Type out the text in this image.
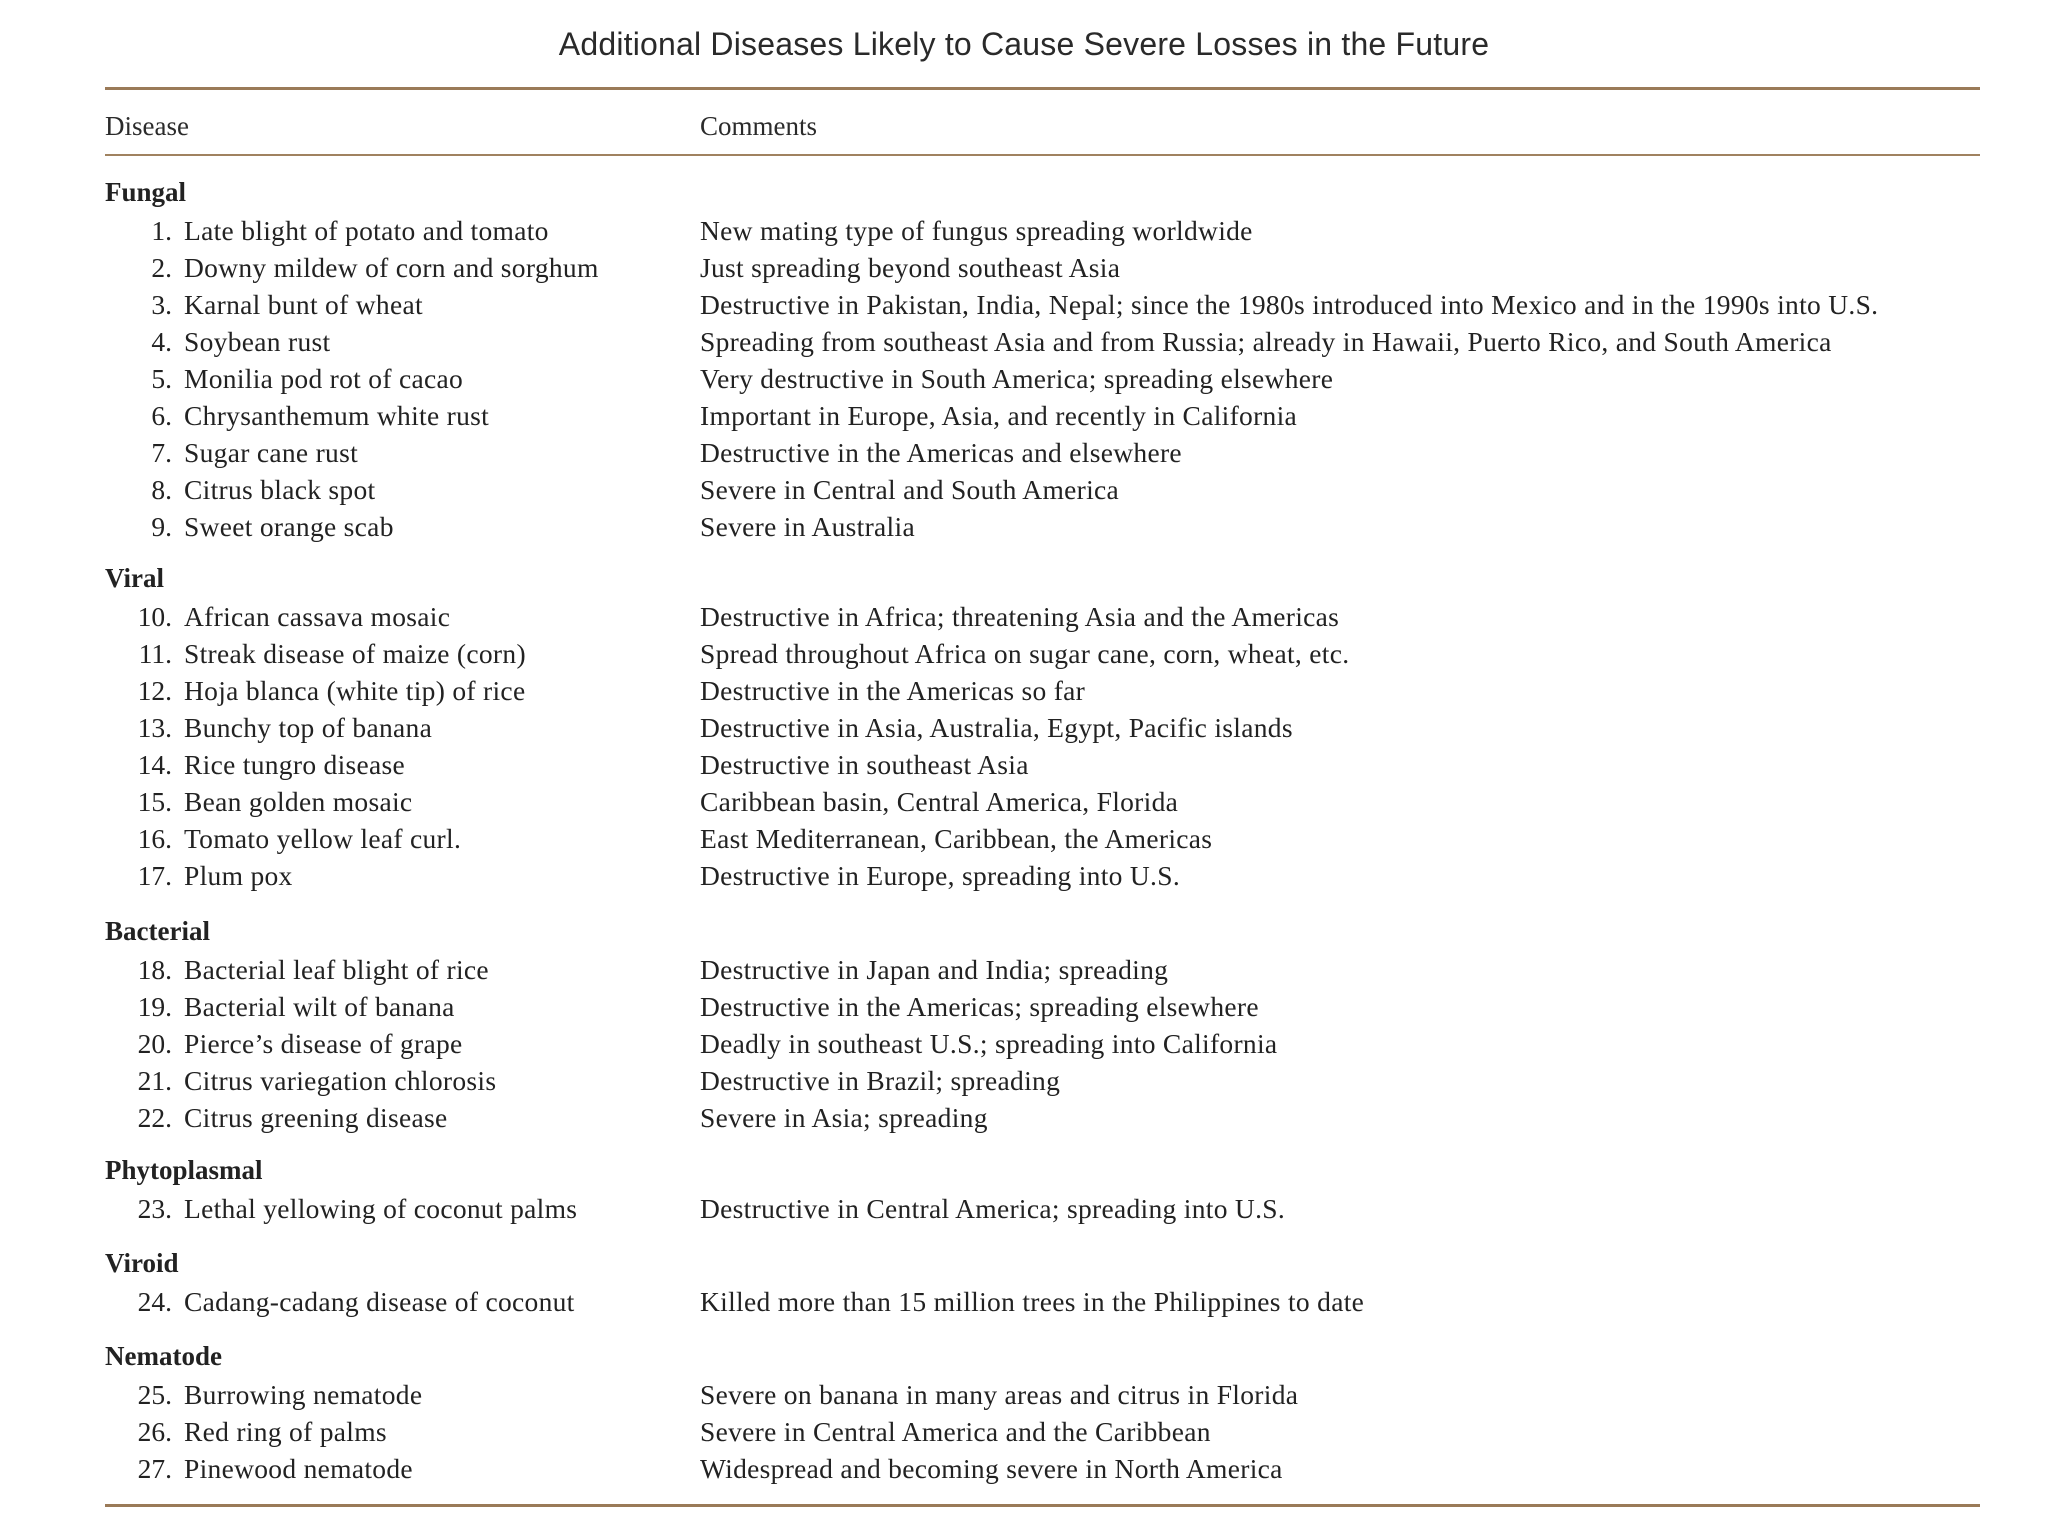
Additional Diseases Likely to Cause Severe Losses in the Future
Disease	Comments
Fungal
1. Late blight of potato and tomato	New mating type of fungus spreading worldwide
2. Downy mildew of corn and sorghum	Just spreading beyond southeast Asia
3. Karnal bunt of wheat	Destructive in Pakistan, India, Nepal; since the 1980s introduced into Mexico and in the 1990s into U.S.
4. Soybean rust	Spreading from southeast Asia and from Russia; already in Hawaii, Puerto Rico, and South America
5. Monilia pod rot of cacao	Very destructive in South America; spreading elsewhere
6. Chrysanthemum white rust	Important in Europe, Asia, and recently in California
7. Sugar cane rust	Destructive in the Americas and elsewhere
8. Citrus black spot	Severe in Central and South America
9. Sweet orange scab	Severe in Australia
Viral
10. African cassava mosaic	Destructive in Africa; threatening Asia and the Americas
11. Streak disease of maize (corn)	Spread throughout Africa on sugar cane, corn, wheat, etc.
12. Hoja blanca (white tip) of rice	Destructive in the Americas so far
13. Bunchy top of banana	Destructive in Asia, Australia, Egypt, Pacific islands
14. Rice tungro disease	Destructive in southeast Asia
15. Bean golden mosaic	Caribbean basin, Central America, Florida
16. Tomato yellow leaf curl.	East Mediterranean, Caribbean, the Americas
17. Plum pox	Destructive in Europe, spreading into U.S.
Bacterial
18. Bacterial leaf blight of rice	Destructive in Japan and India; spreading
19. Bacterial wilt of banana	Destructive in the Americas; spreading elsewhere
20. Pierce’s disease of grape	Deadly in southeast U.S.; spreading into California
21. Citrus variegation chlorosis	Destructive in Brazil; spreading
22. Citrus greening disease	Severe in Asia; spreading
Phytoplasmal
23. Lethal yellowing of coconut palms	Destructive in Central America; spreading into U.S.
Viroid
24. Cadang-cadang disease of coconut	Killed more than 15 million trees in the Philippines to date
Nematode
25. Burrowing nematode	Severe on banana in many areas and citrus in Florida
26. Red ring of palms	Severe in Central America and the Caribbean
27. Pinewood nematode	Widespread and becoming severe in North America
